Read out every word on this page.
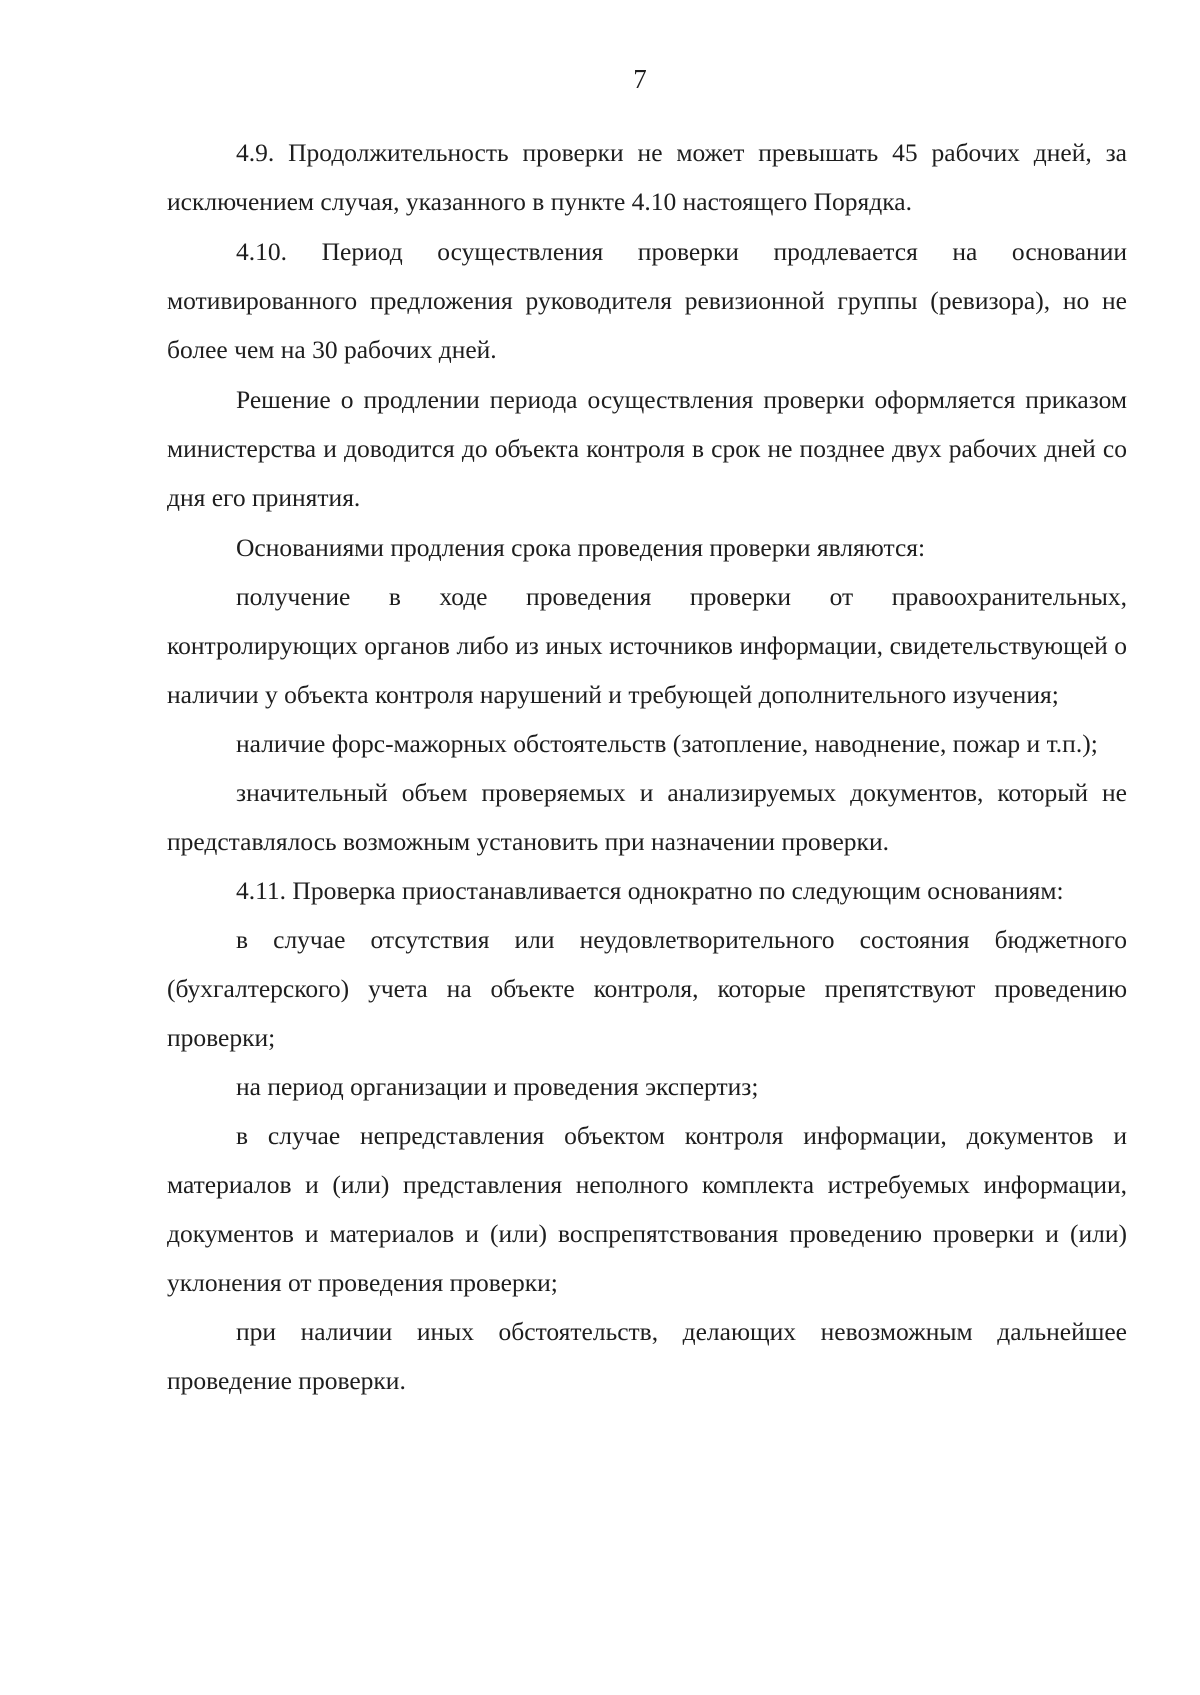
7

4.9. Продолжительность проверки не может превышать 45 рабочих дней, за исключением случая, указанного в пункте 4.10 настоящего Порядка.

4.10. Период осуществления проверки продлевается на основании мотивированного предложения руководителя ревизионной группы (ревизора), но не более чем на 30 рабочих дней.

Решение о продлении периода осуществления проверки оформляется приказом министерства и доводится до объекта контроля в срок не позднее двух рабочих дней со дня его принятия.

Основаниями продления срока проведения проверки являются:

получение в ходе проведения проверки от правоохранительных, контролирующих органов либо из иных источников информации, свидетельствующей о наличии у объекта контроля нарушений и требующей дополнительного изучения;

наличие форс-мажорных обстоятельств (затопление, наводнение, пожар и т.п.);

значительный объем проверяемых и анализируемых документов, который не представлялось возможным установить при назначении проверки.

4.11. Проверка приостанавливается однократно по следующим основаниям:

в случае отсутствия или неудовлетворительного состояния бюджетного (бухгалтерского) учета на объекте контроля, которые препятствуют проведению проверки;

на период организации и проведения экспертиз;

в случае непредставления объектом контроля информации, документов и материалов и (или) представления неполного комплекта истребуемых информации, документов и материалов и (или) воспрепятствования проведению проверки и (или) уклонения от проведения проверки;

при наличии иных обстоятельств, делающих невозможным дальнейшее проведение проверки.
